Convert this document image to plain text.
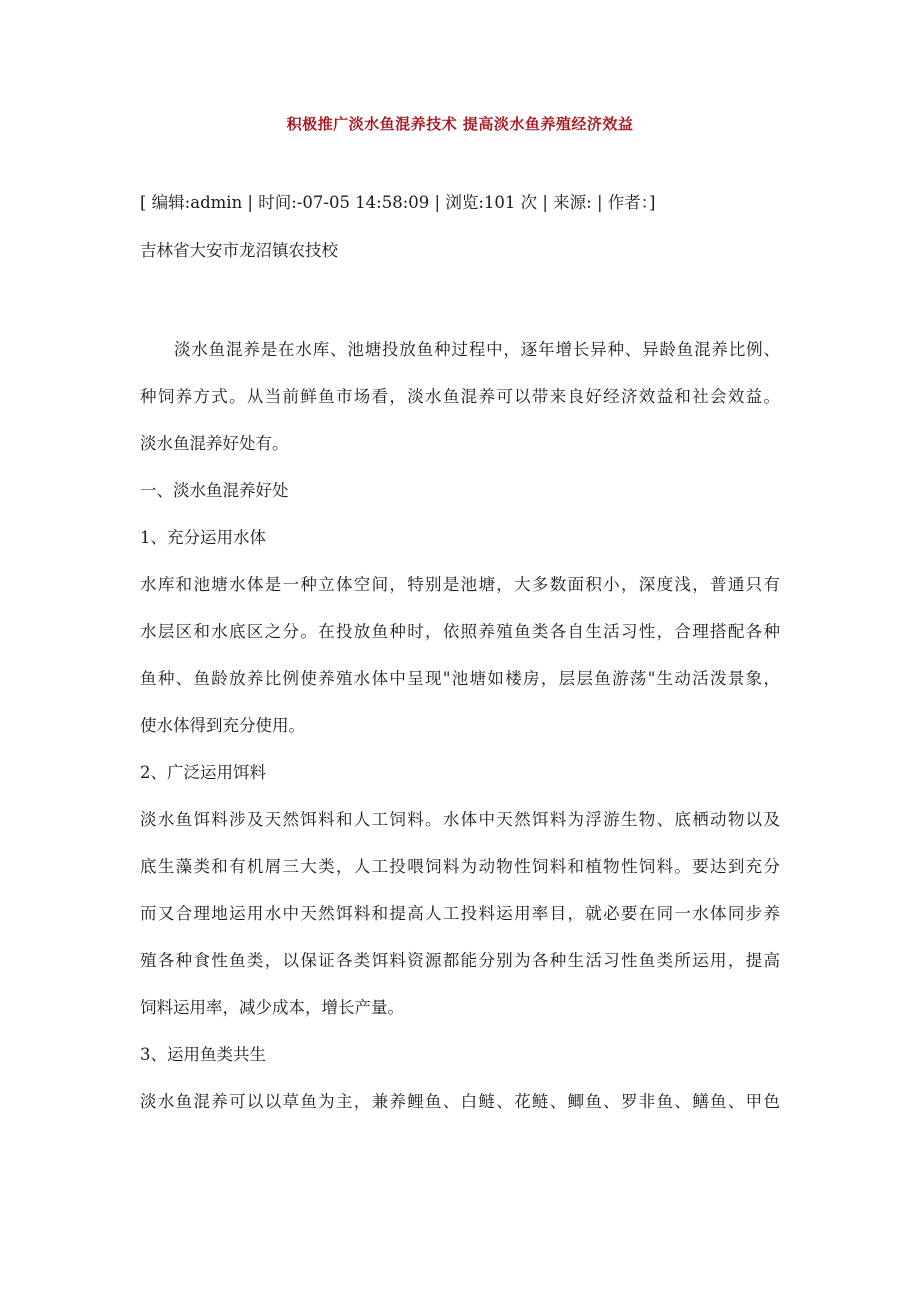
积极推广淡水鱼混养技术 提高淡水鱼养殖经济效益
[ 编辑:admin | 时间:-07-05 14:58:09 | 浏览:101 次 | 来源: | 作者：]
吉林省大安市龙沼镇农技校
淡水鱼混养是在水库、池塘投放鱼种过程中，逐年增长异种、异龄鱼混养比例、
种饲养方式。从当前鲜鱼市场看，淡水鱼混养可以带来良好经济效益和社会效益。
淡水鱼混养好处有。
一、淡水鱼混养好处
1、充分运用水体
水库和池塘水体是一种立体空间，特别是池塘，大多数面积小，深度浅，普通只有
水层区和水底区之分。在投放鱼种时，依照养殖鱼类各自生活习性，合理搭配各种
鱼种、鱼龄放养比例使养殖水体中呈现"池塘如楼房，层层鱼游荡"生动活泼景象，
使水体得到充分使用。
2、广泛运用饵料
淡水鱼饵料涉及天然饵料和人工饲料。水体中天然饵料为浮游生物、底栖动物以及
底生藻类和有机屑三大类，人工投喂饲料为动物性饲料和植物性饲料。要达到充分
而又合理地运用水中天然饵料和提高人工投料运用率目，就必要在同一水体同步养
殖各种食性鱼类，以保证各类饵料资源都能分别为各种生活习性鱼类所运用，提高
饲料运用率，减少成本，增长产量。
3、运用鱼类共生
淡水鱼混养可以以草鱼为主，兼养鲤鱼、白鲢、花鲢、鲫鱼、罗非鱼、鳝鱼、甲色
